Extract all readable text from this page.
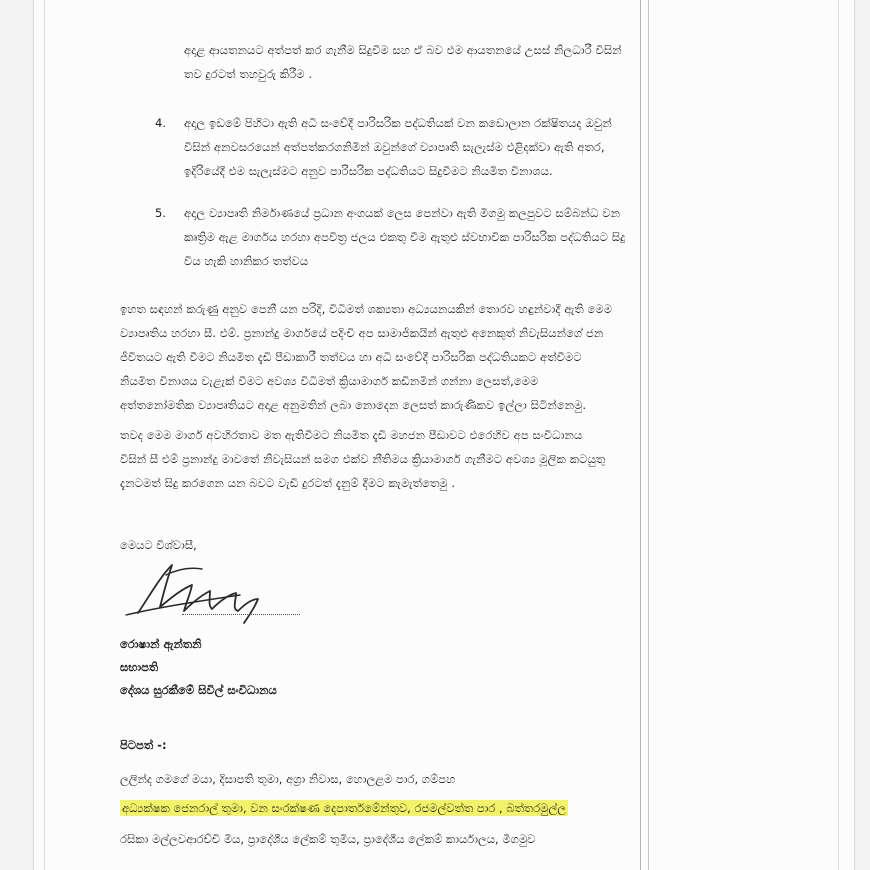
අදාළ ආයතනයට අත්පත් කර ගැනීම සිදුවීම සහ ඒ බව එම ආයතනයේ උසස් නිලධාරී විසින්
තව දුරටත් තහවුරු කිරීම .
4. අදාල ඉඩමේ පිහිටා ඇති අධි සංවේදී පාරිසරික පද්ධතියක් වන කඩොලාන රක්ෂිතයද ඔවුන්
විසින් අනවසරයෙන් අත්පත්කරගනිමින් ඔවුන්ගේ ව්‍යාපෘති සැලැස්ම එළිදක්වා ඇති අතර,
ඉදිරියේදී එම සැලැස්මට අනුව පාරිසරික පද්ධතියට සිදුවීමට නියමිත විනාශය.
5. අදාල ව්‍යාපෘති නිර්මාණයේ ප්‍රධාන අංගයක් ලෙස පෙන්වා ඇති මිගමු කලපුවට සම්බන්ධ වන
කෘත්‍රිම ඇළ මාර්ගය හරහා අපවිත්‍ර ජලය එකතු වීම ඇතුළු ස්වභාවික පාරිසරික පද්ධතියට සිදු
විය හැකි හානිකර තත්වය
ඉහත සඳහන් කරුණු අනුව පෙනී යන පරිදි, විධිමත් ශක්‍යතා අධ්‍යයනයකින් තොරව හඳුන්වාදී ඇති මෙම
ව්‍යාපෘතිය හරහා සී. එම්. ප්‍රනාන්දු මාර්ගයේ පදිංචි අප සාමාජිකයින් ඇතුළු අනෙකුත් නිවැසියන්ගේ ජන
ජීවිතයට ඇති වීමට නියමිත දැඩි පීඩාකාරී තත්වය හා අධි සංවේදී පාරිසරික පද්ධතියකට අත්වීමට
නියමිත විනාශය වැළැක් වීමට අවශ්‍ය විධිමත් ක්‍රියාමාර්ග කඩිනමින් ගන්නා ලෙසත්,මෙම
අත්තනෝමතික ව්‍යාපෘතියට අදාළ අනුමතින් ලබා නොදෙන ලෙසත් කාරුණිකව ඉල්ලා සිටින්නෙමු.
තවද මෙම මාර්ග අවහිරතාව මත ඇතිවීමට නියමිත දැඩි මහජන පීඩාවට එරෙහිව අප සංවිධානය
විසින් සී එම් ප්‍රනාන්දු මාවතේ නිවැසියන් සමග එක්ව නීතිමය ක්‍රියාමාර්ග ගැනීමට අවශ්‍ය මූලික කටයුතු
දැනටමත් සිදු කරගෙන යන බවට වැඩි දුරටත් දැනුම් දීමට කැමැත්තෙමු .
මෙයට විශ්වාසී,
රොෂාන් ඇන්තනි
සභාපති
දේශය සුරකීමේ සිවිල් සංවිධානය
පිටපත් -:
ලලින්ද ගමගේ මයා, දිසාපති තුමා, අග්‍රා නිවාස, හොලළම පාර, ගම්පහ
අධ්‍යක්ෂක ජෙනරාල් තුමා, වන සංරක්ෂණ දෙපාර්තමේන්තුව, රජමල්වත්ත පාර , බත්තරමුල්ල
රසිකා මල්ලවආරච්චි මිය, ප්‍රාදේශීය ලේකම් තුමිය, ප්‍රාදේශීය ලේකම් කාර්යාලය, මීගමුව
